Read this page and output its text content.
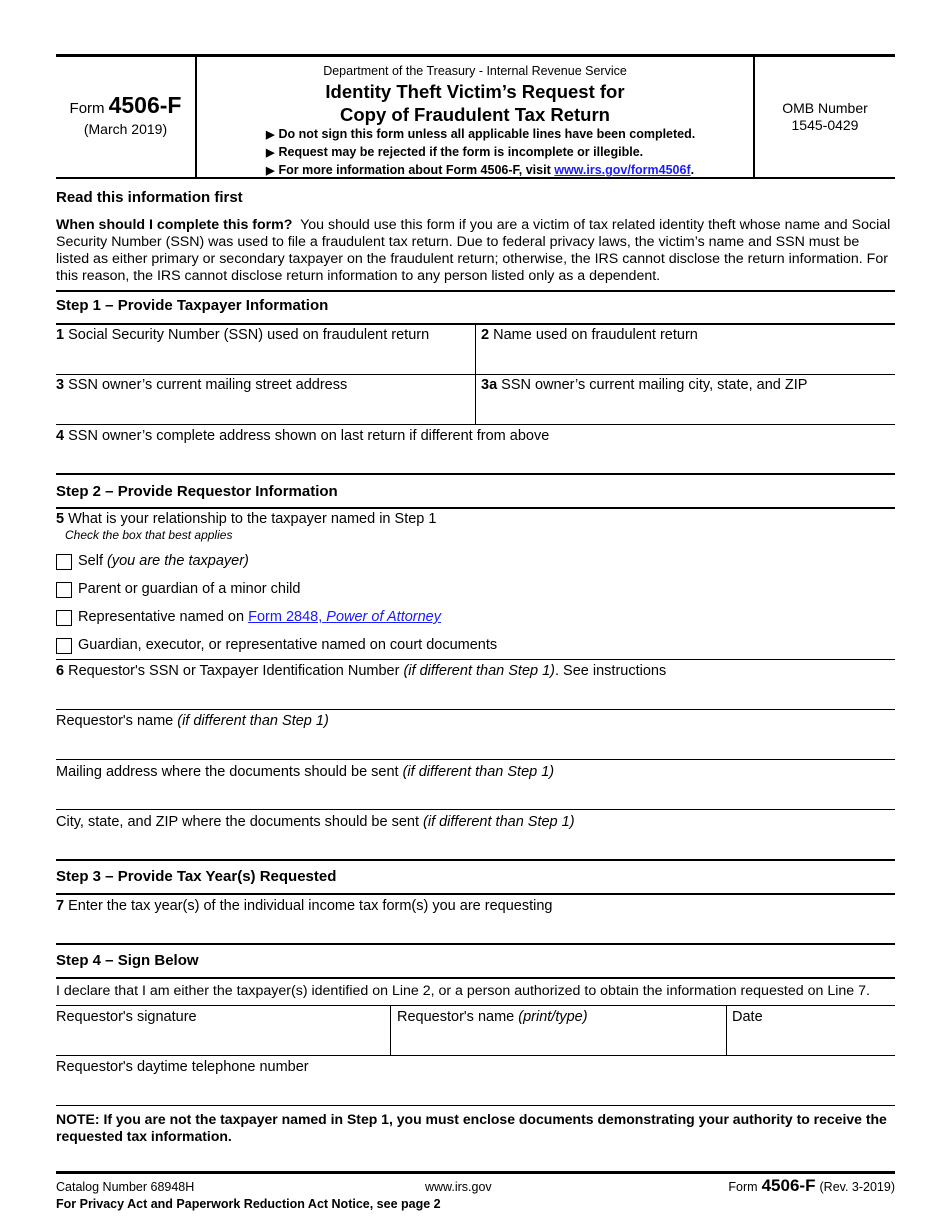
Form 4506-F
(March 2019)
Department of the Treasury - Internal Revenue Service
Identity Theft Victim’s Request for
Copy of Fraudulent Tax Return
▶ Do not sign this form unless all applicable lines have been completed.
▶ Request may be rejected if the form is incomplete or illegible.
▶ For more information about Form 4506-F, visit www.irs.gov/form4506f.
OMB Number
1545-0429
Read this information first
When should I complete this form? You should use this form if you are a victim of tax related identity theft whose name and Social Security Number (SSN) was used to file a fraudulent tax return. Due to federal privacy laws, the victim’s name and SSN must be listed as either primary or secondary taxpayer on the fraudulent return; otherwise, the IRS cannot disclose the return information. For this reason, the IRS cannot disclose return information to any person listed only as a dependent.
Step 1 – Provide Taxpayer Information
1 Social Security Number (SSN) used on fraudulent return	2 Name used on fraudulent return
3 SSN owner’s current mailing street address	3a SSN owner’s current mailing city, state, and ZIP
4 SSN owner’s complete address shown on last return if different from above
Step 2 – Provide Requestor Information
5 What is your relationship to the taxpayer named in Step 1
Check the box that best applies
Self (you are the taxpayer)
Parent or guardian of a minor child
Representative named on Form 2848, Power of Attorney
Guardian, executor, or representative named on court documents
6 Requestor's SSN or Taxpayer Identification Number (if different than Step 1). See instructions
Requestor's name (if different than Step 1)
Mailing address where the documents should be sent (if different than Step 1)
City, state, and ZIP where the documents should be sent (if different than Step 1)
Step 3 – Provide Tax Year(s) Requested
7 Enter the tax year(s) of the individual income tax form(s) you are requesting
Step 4 – Sign Below
I declare that I am either the taxpayer(s) identified on Line 2, or a person authorized to obtain the information requested on Line 7.
Requestor's signature	Requestor's name (print/type)	Date
Requestor's daytime telephone number
NOTE: If you are not the taxpayer named in Step 1, you must enclose documents demonstrating your authority to receive the requested tax information.
Catalog Number 68948H	www.irs.gov	Form 4506-F (Rev. 3-2019)
For Privacy Act and Paperwork Reduction Act Notice, see page 2
